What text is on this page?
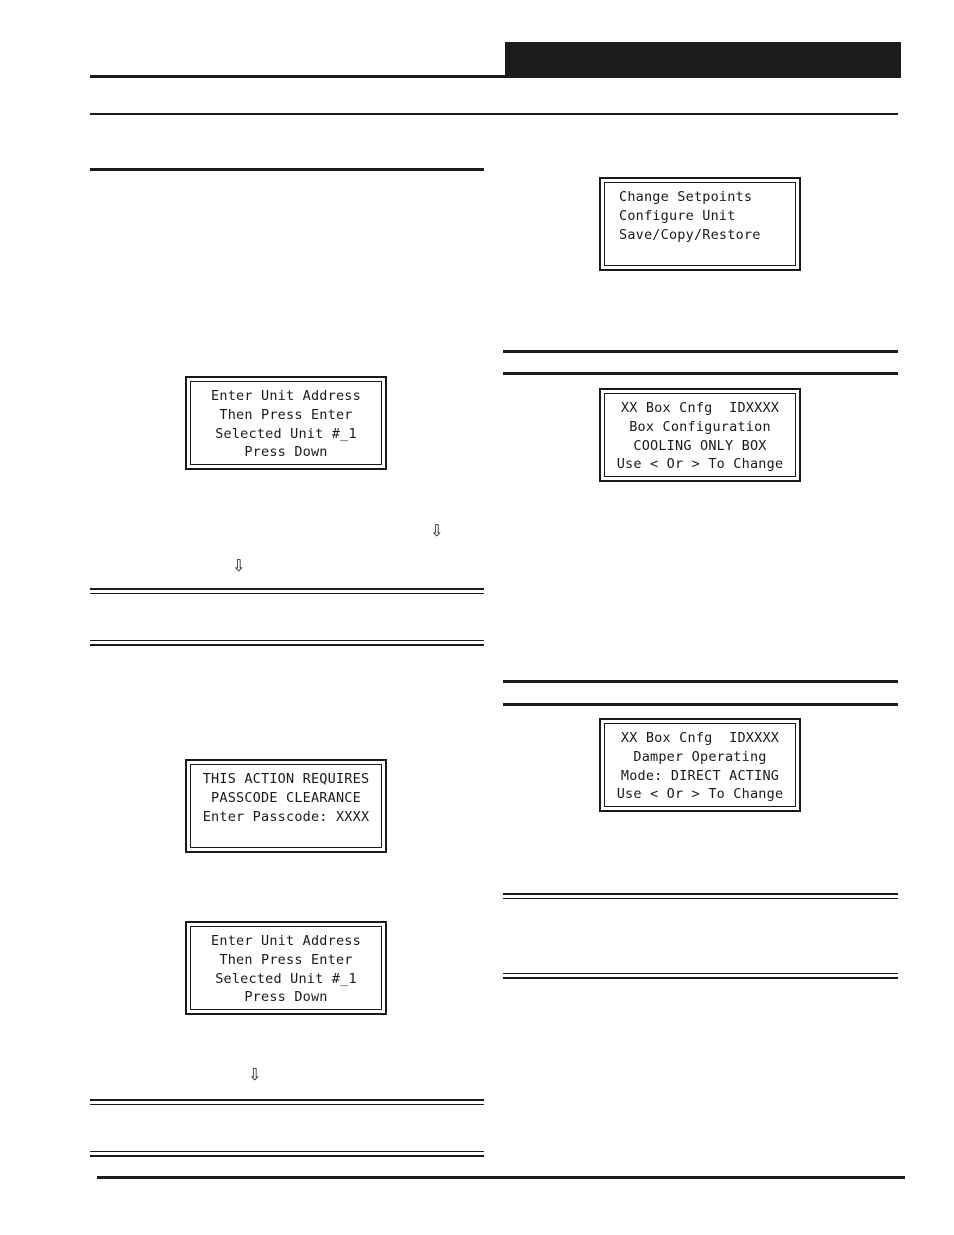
Change Setpoints
Configure Unit
Save/Copy/Restore
Enter Unit Address
Then Press Enter
Selected Unit #_1
Press Down
XX Box Cnfg  IDXXXX
Box Configuration
COOLING ONLY BOX
Use < Or > To Change
⇩
⇩
XX Box Cnfg  IDXXXX
Damper Operating
Mode: DIRECT ACTING
Use < Or > To Change
THIS ACTION REQUIRES
PASSCODE CLEARANCE
Enter Passcode: XXXX
Enter Unit Address
Then Press Enter
Selected Unit #_1
Press Down
⇩
